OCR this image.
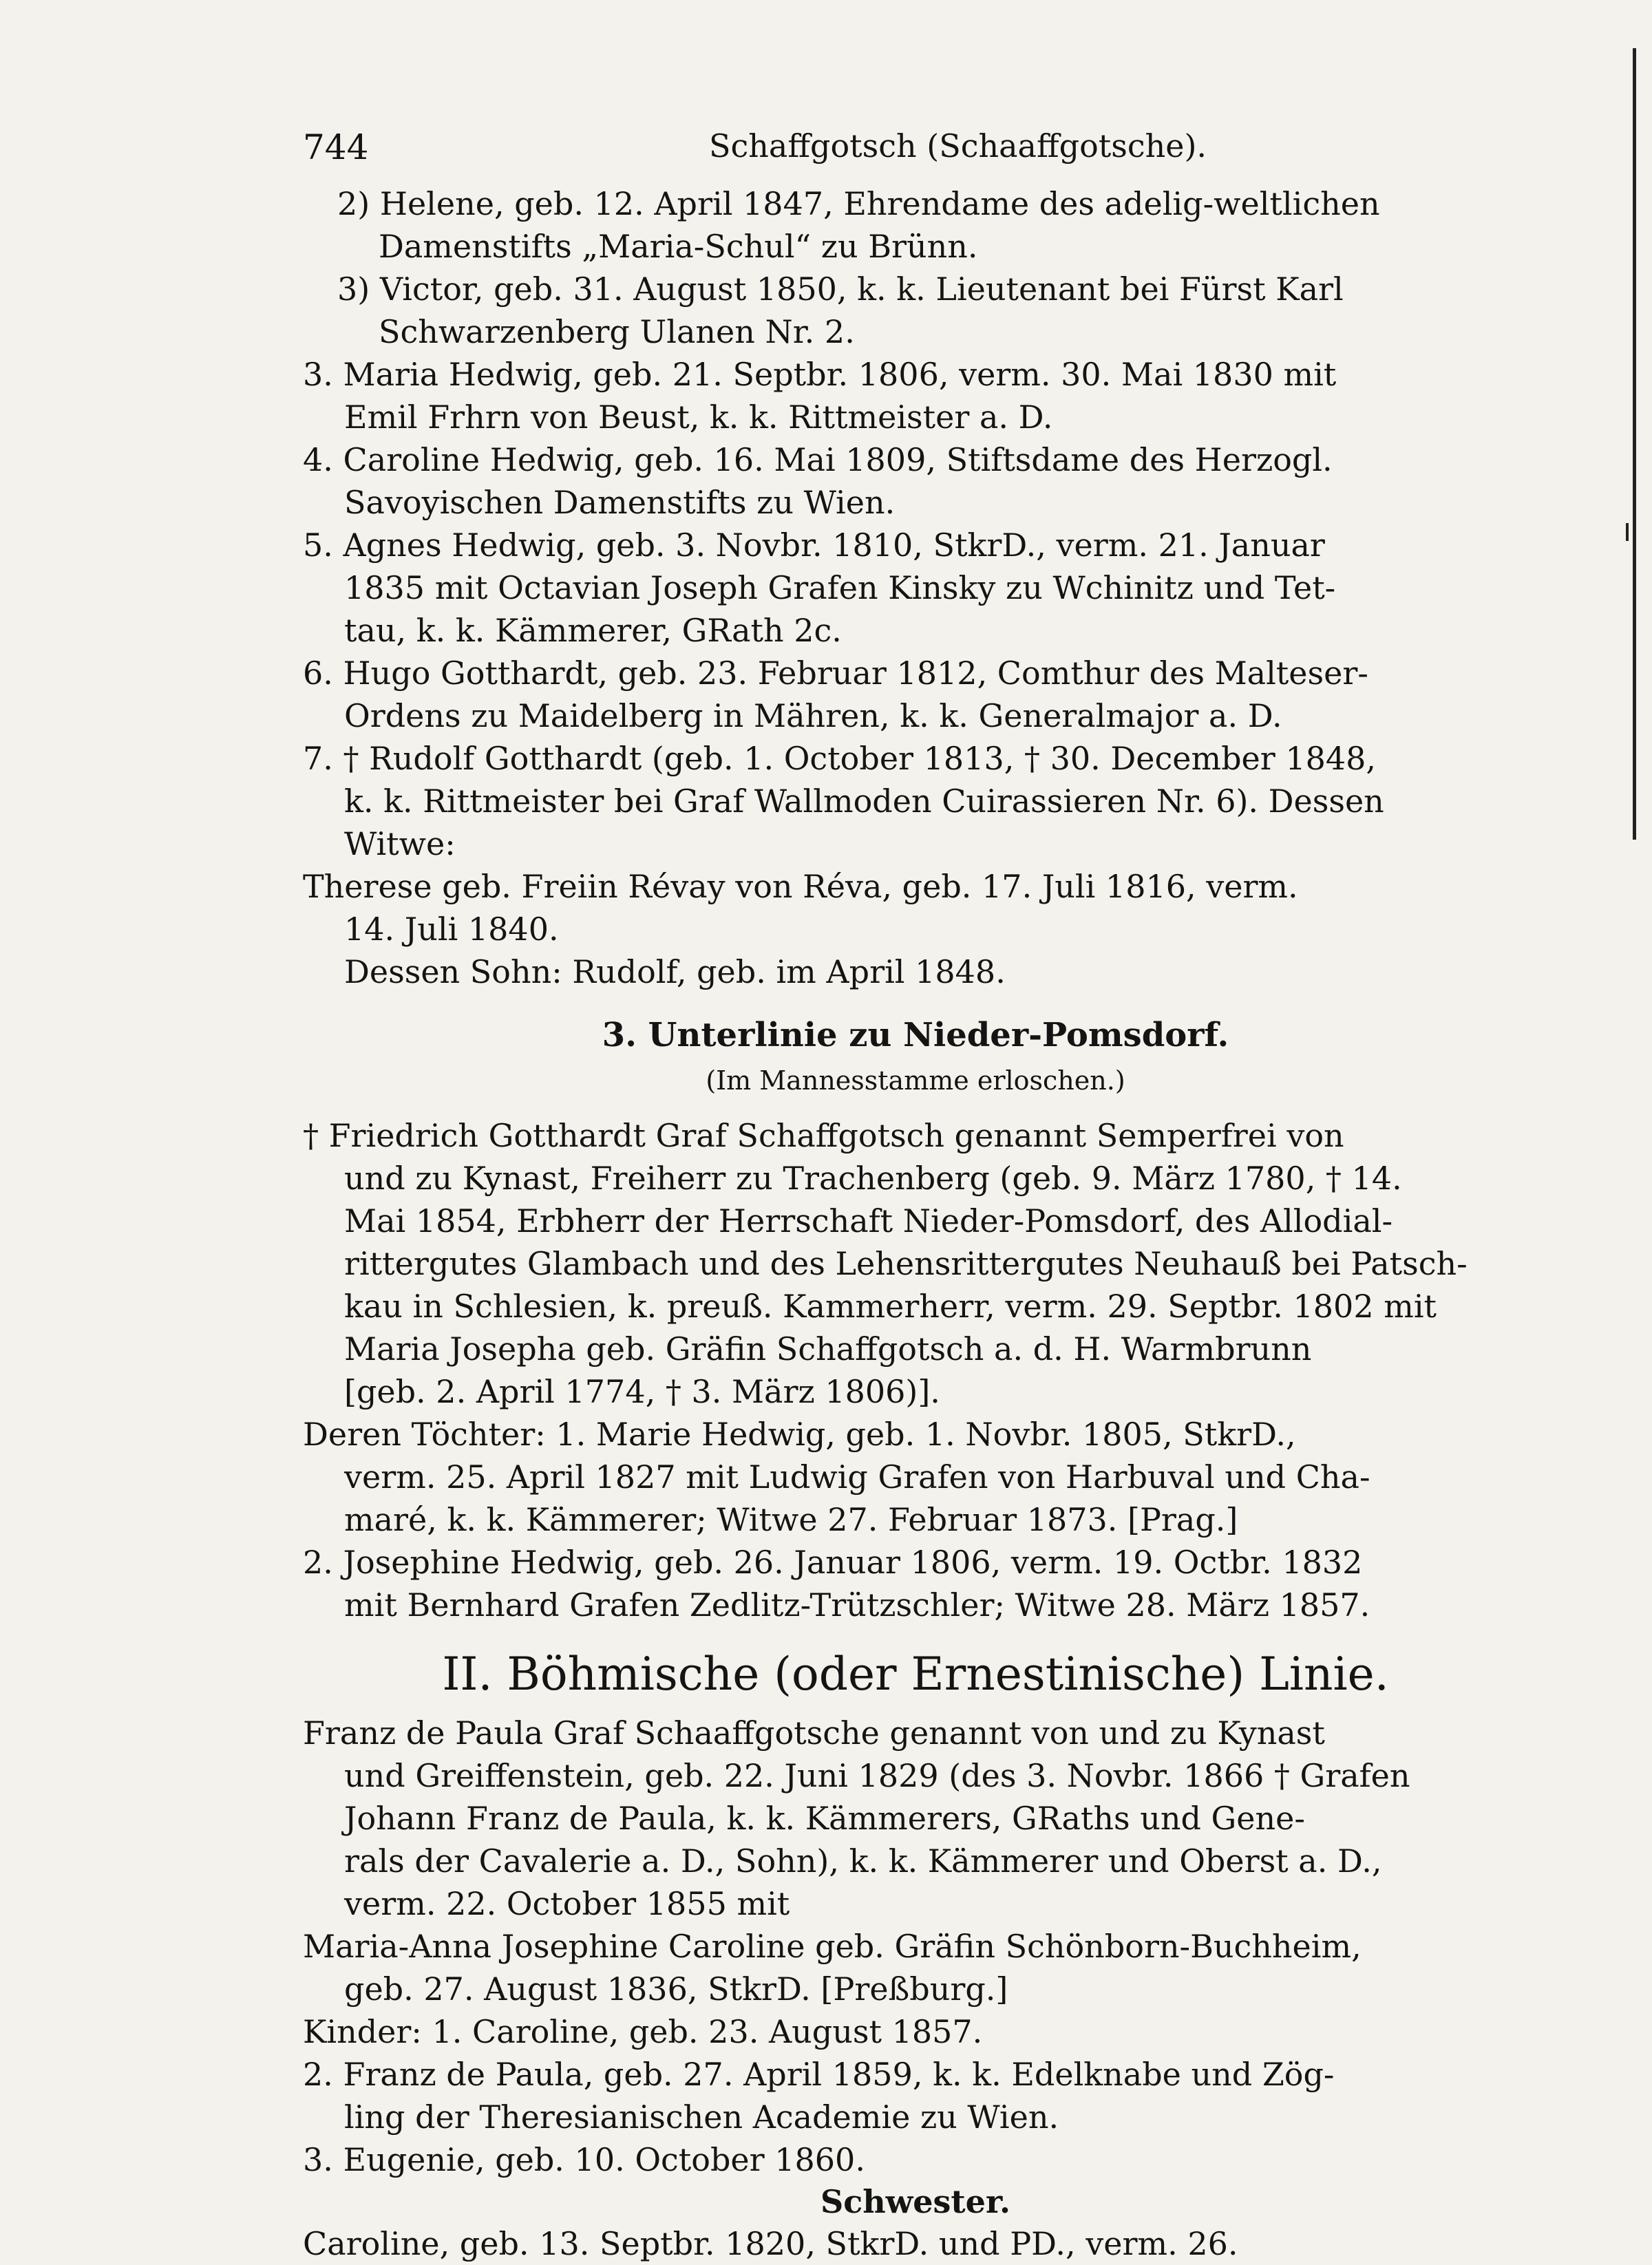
744	Schaffgotsch (Schaaffgotsche).

2) Helene, geb. 12. April 1847, Ehrendame des adelig-weltlichen

Damenstifts „Maria-Schul“ zu Brünn.

3) Victor, geb. 31. August 1850, k. k. Lieutenant bei Fürst Karl

Schwarzenberg Ulanen Nr. 2.

3. Maria Hedwig, geb. 21. Septbr. 1806, verm. 30. Mai 1830 mit

Emil Frhrn von Beust, k. k. Rittmeister a. D.

4. Caroline Hedwig, geb. 16. Mai 1809, Stiftsdame des Herzogl.

Savoyischen Damenstifts zu Wien.

5. Agnes Hedwig, geb. 3. Novbr. 1810, StkrD., verm. 21. Januar

1835 mit Octavian Joseph Grafen Kinsky zu Wchinitz und Tet-

tau, k. k. Kämmerer, GRath 2c.

6. Hugo Gotthardt, geb. 23. Februar 1812, Comthur des Malteser-

Ordens zu Maidelberg in Mähren, k. k. Generalmajor a. D.

7. † Rudolf Gotthardt (geb. 1. October 1813, † 30. December 1848,

k. k. Rittmeister bei Graf Wallmoden Cuirassieren Nr. 6). Dessen

Witwe:

Therese geb. Freiin Révay von Réva, geb. 17. Juli 1816, verm.

14. Juli 1840.

Dessen Sohn: Rudolf, geb. im April 1848.

3. Unterlinie zu Nieder-Pomsdorf.

(Im Mannesstamme erloschen.)

† Friedrich Gotthardt Graf Schaffgotsch genannt Semperfrei von

und zu Kynast, Freiherr zu Trachenberg (geb. 9. März 1780, † 14.

Mai 1854, Erbherr der Herrschaft Nieder-Pomsdorf, des Allodial-

rittergutes Glambach und des Lehensrittergutes Neuhauß bei Patsch-

kau in Schlesien, k. preuß. Kammerherr, verm. 29. Septbr. 1802 mit

Maria Josepha geb. Gräfin Schaffgotsch a. d. H. Warmbrunn

[geb. 2. April 1774, † 3. März 1806)].

Deren Töchter: 1. Marie Hedwig, geb. 1. Novbr. 1805, StkrD.,

verm. 25. April 1827 mit Ludwig Grafen von Harbuval und Cha-

maré, k. k. Kämmerer; Witwe 27. Februar 1873. [Prag.]

2. Josephine Hedwig, geb. 26. Januar 1806, verm. 19. Octbr. 1832

mit Bernhard Grafen Zedlitz-Trützschler; Witwe 28. März 1857.

II. Böhmische (oder Ernestinische) Linie.

Franz de Paula Graf Schaaffgotsche genannt von und zu Kynast

und Greiffenstein, geb. 22. Juni 1829 (des 3. Novbr. 1866 † Grafen

Johann Franz de Paula, k. k. Kämmerers, GRaths und Gene-

rals der Cavalerie a. D., Sohn), k. k. Kämmerer und Oberst a. D.,

verm. 22. October 1855 mit

Maria-Anna Josephine Caroline geb. Gräfin Schönborn-Buchheim,

geb. 27. August 1836, StkrD. [Preßburg.]

Kinder: 1. Caroline, geb. 23. August 1857.

2. Franz de Paula, geb. 27. April 1859, k. k. Edelknabe und Zög-

ling der Theresianischen Academie zu Wien.

3. Eugenie, geb. 10. October 1860.

Schwester.

Caroline, geb. 13. Septbr. 1820, StkrD. und PD., verm. 26.
